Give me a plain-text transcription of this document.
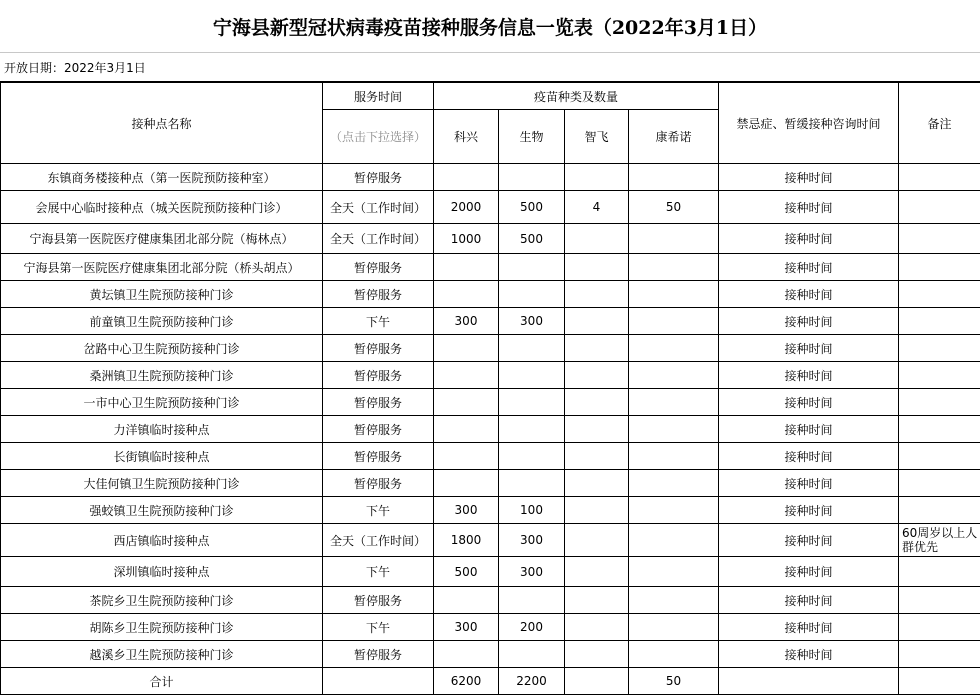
宁海县新型冠状病毒疫苗接种服务信息一览表（2022年3月1日）
开放日期：2022年3月1日
接种点名称	服务时间	疫苗种类及数量				禁忌症、暂缓接种咨询时间	备注
	（点击下拉选择）	科兴	生物	智飞	康希诺		
东镇商务楼接种点（第一医院预防接种室）	暂停服务					接种时间	
会展中心临时接种点（城关医院预防接种门诊）	全天（工作时间）	2000	500	4	50	接种时间	
宁海县第一医院医疗健康集团北部分院（梅林点）	全天（工作时间）	1000	500			接种时间	
宁海县第一医院医疗健康集团北部分院（桥头胡点）	暂停服务					接种时间	
黄坛镇卫生院预防接种门诊	暂停服务					接种时间	
前童镇卫生院预防接种门诊	下午	300	300			接种时间	
岔路中心卫生院预防接种门诊	暂停服务					接种时间	
桑洲镇卫生院预防接种门诊	暂停服务					接种时间	
一市中心卫生院预防接种门诊	暂停服务					接种时间	
力洋镇临时接种点	暂停服务					接种时间	
长街镇临时接种点	暂停服务					接种时间	
大佳何镇卫生院预防接种门诊	暂停服务					接种时间	
强蛟镇卫生院预防接种门诊	下午	300	100			接种时间	
西店镇临时接种点	全天（工作时间）	1800	300			接种时间	60周岁以上人群优先
深圳镇临时接种点	下午	500	300			接种时间	
茶院乡卫生院预防接种门诊	暂停服务					接种时间	
胡陈乡卫生院预防接种门诊	下午	300	200			接种时间	
越溪乡卫生院预防接种门诊	暂停服务					接种时间	
合计		6200	2200		50		
